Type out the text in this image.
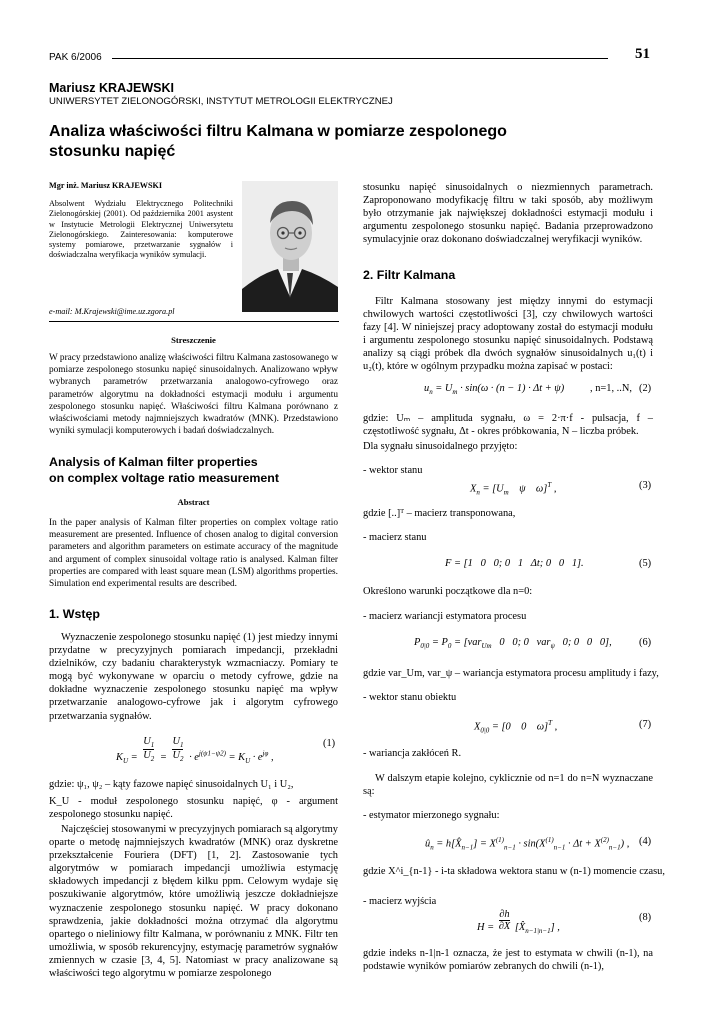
PAK 6/2006	51
Mariusz KRAJEWSKI
UNIWERSYTET ZIELONOGÓRSKI, INSTYTUT METROLOGII ELEKTRYCZNEJ
Analiza właściwości filtru Kalmana w pomiarze zespolonego
stosunku napięć
Mgr inż. Mariusz KRAJEWSKI
Absolwent Wydziału Elektrycznego Politechniki Zielonogórskiej (2001). Od października 2001 asystent w Instytucie Metrologii Elektrycznej Uniwersytetu Zielonogórskiego. Zainteresowania: komputerowe systemy pomiarowe, przetwarzanie sygnałów i doświadczalna weryfikacja wyników symulacji.
e-mail: M.Krajewski@ime.uz.zgora.pl
Streszczenie

W pracy przedstawiono analizę właściwości filtru Kalmana zastosowanego w pomiarze zespolonego stosunku napięć sinusoidalnych. Analizowano wpływ wybranych parametrów przetwarzania analogowo-cyfrowego oraz parametrów algorytmu na dokładności estymacji modułu i argumentu zespolonego stosunku napięć. Właściwości filtru Kalmana porównano z właściwościami metody najmniejszych kwadratów (MNK). Przedstawiono wyniki symulacji komputerowych i badań doświadczalnych.

Analysis of Kalman filter properties
on complex voltage ratio measurement
Abstract

In the paper analysis of Kalman filter properties on complex voltage ratio measurement are presented. Influence of chosen analog to digital conversion parameters and algorithm parameters on estimate accuracy of the magnitude and argument of complex sinusoidal voltage ratio is analysed. Kalman filter properties are compared with least square mean (LSM) algorithms properties. Simulation end experimental results are described.

1. Wstęp

Wyznaczenie zespolonego stosunku napięć (1) jest miedzy innymi przydatne w precyzyjnych pomiarach impedancji, przekładni dzielników, czy badaniu charakterystyk wzmacniaczy. Pomiary te mogą być wykonywane w oparciu o metody cyfrowe, gdzie na dokładne wyznaczenie zespolonego stosunku napięć ma wpływ przetwarzanie analogowo-cyfrowe jak i algorytm cyfrowego przetwarzania sygnałów.

$K_U = \frac{U_1}{U_2} = \frac{U_1}{U_2} \cdot e^{j(\psi 1-\psi 2)} = K_U \cdot e^{j\varphi}$ ,
(1)

gdzie: ψ₁, ψ₂ – kąty fazowe napięć sinusoidalnych U₁ i U₂,

K_U - moduł zespolonego stosunku napięć, φ - argument zespolonego stosunku napięć.

Najczęściej stosowanymi w precyzyjnych pomiarach są algorytmy oparte o metodę najmniejszych kwadratów (MNK) oraz dyskretne przekształcenie Fouriera (DFT) [1, 2]. Zastosowanie tych algorytmów w pomiarach impedancji umożliwia estymację składowych impedancji z błędem kilku ppm. Celowym wydaje się poszukiwanie algorytmów, które umożliwią jeszcze dokładniejsze wyznaczenie zespolonego stosunku napięć. W pracy dokonano sprawdzenia, jakie dokładności można otrzymać dla algorytmu opartego o nieliniowy filtr Kalmana, w porównaniu z MNK. Filtr ten umożliwia, w sposób rekurencyjny, estymację parametrów sygnałów zmiennych w czasie [3, 4, 5]. Natomiast w pracy analizowane są właściwości tego algorytmu w pomiarze zespolonego

stosunku napięć sinusoidalnych o niezmiennych parametrach. Zaproponowano modyfikację filtru w taki sposób, aby możliwym było otrzymanie jak największej dokładności estymacji modułu i argumentu zespolonego stosunku napięć. Badania przeprowadzono symulacyjnie oraz dokonano doświadczalnej weryfikacji wyników.

2. Filtr Kalmana

Filtr Kalmana stosowany jest między innymi do estymacji chwilowych wartości częstotliwości [3], czy chwilowych wartości fazy [4]. W niniejszej pracy adoptowany został do estymacji modułu i argumentu zespolonego stosunku napięć sinusoidalnych. Podstawą analizy są ciągi próbek dla dwóch sygnałów sinusoidalnych u₁(t) i u₂(t), które w ogólnym przypadku można zapisać w postaci:

$u_n = U_m \cdot \sin(\omega \cdot (n - 1) \cdot \Delta t + \psi)$ , n=1, ..N, (2)

gdzie: Uₘ – amplituda sygnału, ω = 2·π·f - pulsacja, f – częstotliwość sygnału, Δt - okres próbkowania, N – liczba próbek.

Dla sygnału sinusoidalnego przyjęto:
- wektor stanu
$X_n = [U_m$    ψ    ω]$^T$ ,	(3)
gdzie [..]ᵀ – macierz transponowana,
- macierz stanu
F = [1   0   0; 0   1   Δt; 0   0   1].	(5)
Określono warunki początkowe dla n=0:
- macierz wariancji estymatora procesu
$P_{0|0} = P_0 = [var_{Um}$   0   0; 0   var$_\psi$   0; 0   0   0],	(6)
gdzie var_Um, var_ψ – wariancja estymatora procesu amplitudy i fazy,
- wektor stanu obiektu
$X_{0|0} = [0$    0    ω]$^T$ ,	(7)
- wariancja zakłóceń R.

W dalszym etapie kolejno, cyklicznie od n=1 do n=N wyznaczane są:

- estymator mierzonego sygnału:
$û_n$ = $h[X̂_{n-1}] = X^{(1)}_{n-1} \cdot \sin(X^{(1)}_{n-1} \cdot \Delta t + X^{(2)}_{n-1})$ , (4)
gdzie X^i_{n-1} - i-ta składowa wektora stanu w (n-1) momencie czasu,
- macierz wyjścia
$H = \frac{\partial h}{\partial X}$ $[X̂_{n-1|n-1}]$ ,
(8)

gdzie indeks n-1|n-1 oznacza, że jest to estymata w chwili (n-1), na podstawie wyników pomiarów zebranych do chwili (n-1),
